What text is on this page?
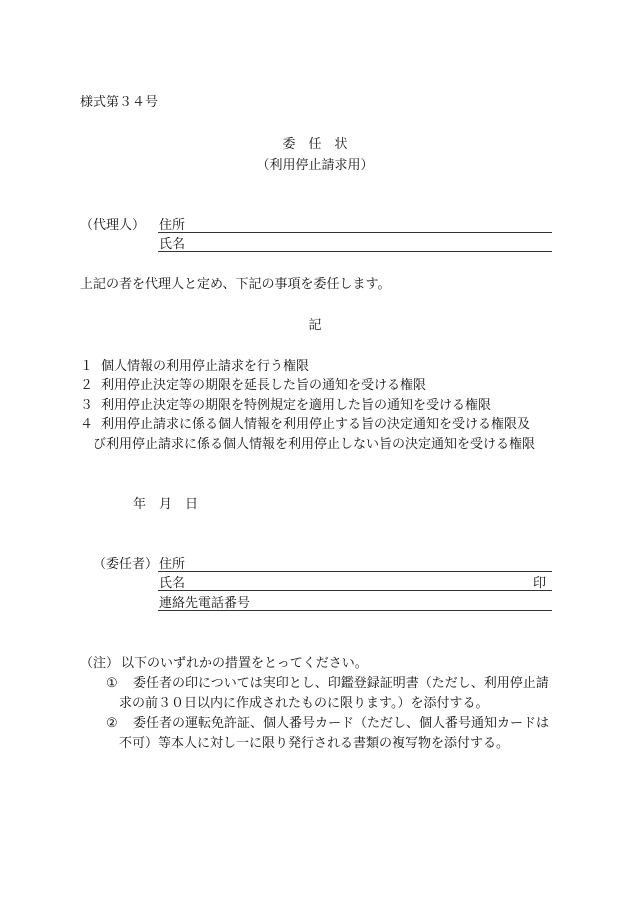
様式第３４号
委　任　状
（利用停止請求用）
（代理人） 住所
氏名
上記の者を代理人と定め、下記の事項を委任します。
記
１ 個人情報の利用停止請求を行う権限
２ 利用停止決定等の期限を延長した旨の通知を受ける権限
３ 利用停止決定等の期限を特例規定を適用した旨の通知を受ける権限
４ 利用停止請求に係る個人情報を利用停止する旨の決定通知を受ける権限及
び利用停止請求に係る個人情報を利用停止しない旨の決定通知を受ける権限
年 月 日
（委任者） 住所
氏名	印
連絡先電話番号
（注） 以下のいずれかの措置をとってください。
① 委任者の印については実印とし、印鑑登録証明書（ただし、利用停止請
求の前３０日以内に作成されたものに限ります。）を添付する。
② 委任者の運転免許証、個人番号カード（ただし、個人番号通知カードは
不可）等本人に対し一に限り発行される書類の複写物を添付する。
